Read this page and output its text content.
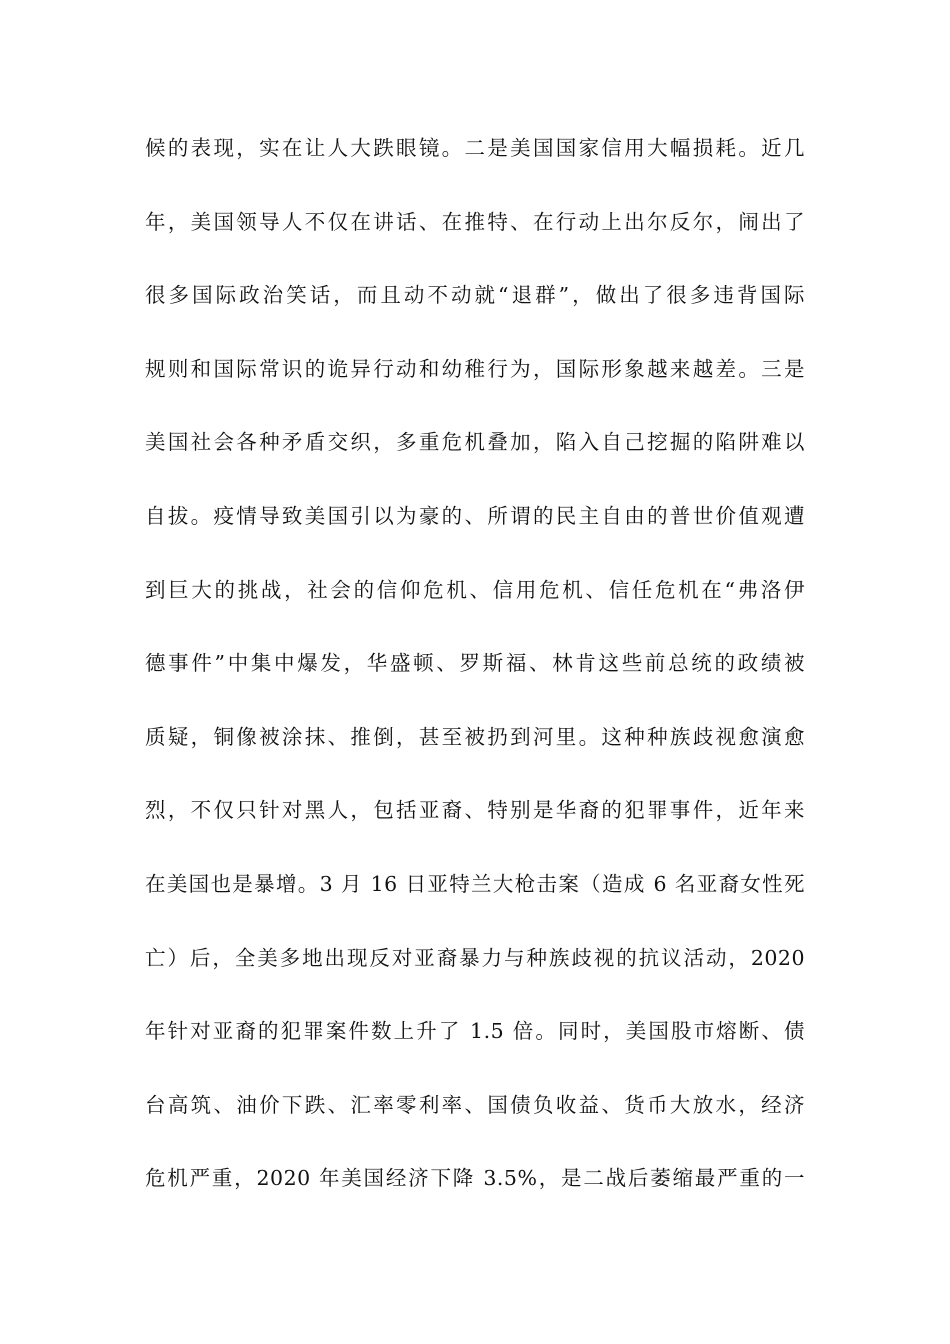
候的表现，实在让人大跌眼镜。二是美国国家信用大幅损耗。近几
年，美国领导人不仅在讲话、在推特、在行动上出尔反尔，闹出了
很多国际政治笑话，而且动不动就“退群”，做出了很多违背国际
规则和国际常识的诡异行动和幼稚行为，国际形象越来越差。三是
美国社会各种矛盾交织，多重危机叠加，陷入自己挖掘的陷阱难以
自拔。疫情导致美国引以为豪的、所谓的民主自由的普世价值观遭
到巨大的挑战，社会的信仰危机、信用危机、信任危机在“弗洛伊
德事件”中集中爆发，华盛顿、罗斯福、林肯这些前总统的政绩被
质疑，铜像被涂抹、推倒，甚至被扔到河里。这种种族歧视愈演愈
烈，不仅只针对黑人，包括亚裔、特别是华裔的犯罪事件，近年来
在美国也是暴增。3 月 16 日亚特兰大枪击案（造成 6 名亚裔女性死
亡）后，全美多地出现反对亚裔暴力与种族歧视的抗议活动，2020
年针对亚裔的犯罪案件数上升了 1.5 倍。同时，美国股市熔断、债
台高筑、油价下跌、汇率零利率、国债负收益、货币大放水，经济
危机严重，2020 年美国经济下降 3.5%，是二战后萎缩最严重的一
